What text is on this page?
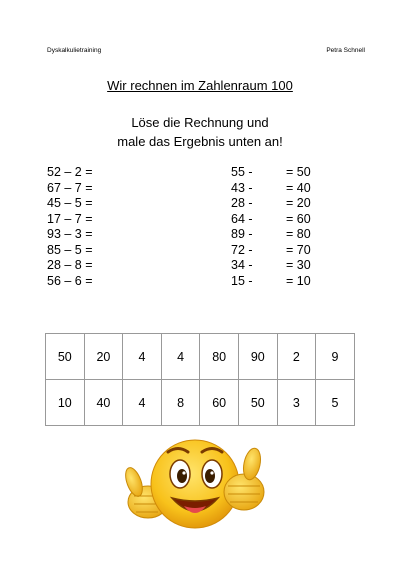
Dyskalkulietraining	Petra Schnell
Wir rechnen im Zahlenraum 100
Löse die Rechnung und
male das Ergebnis unten an!
52 – 2 =
67 – 7 =
45 – 5 =
17 – 7 =
93 – 3 =
85 – 5 =
28 – 8 =
56 – 6 =
55 -	= 50
43 -	= 40
28 -	= 20
64 -	= 60
89 -	= 80
72 -	= 70
34 -	= 30
15 -	= 10
50	20	4	4	80	90	2	9
10	40	4	8	60	50	3	5
